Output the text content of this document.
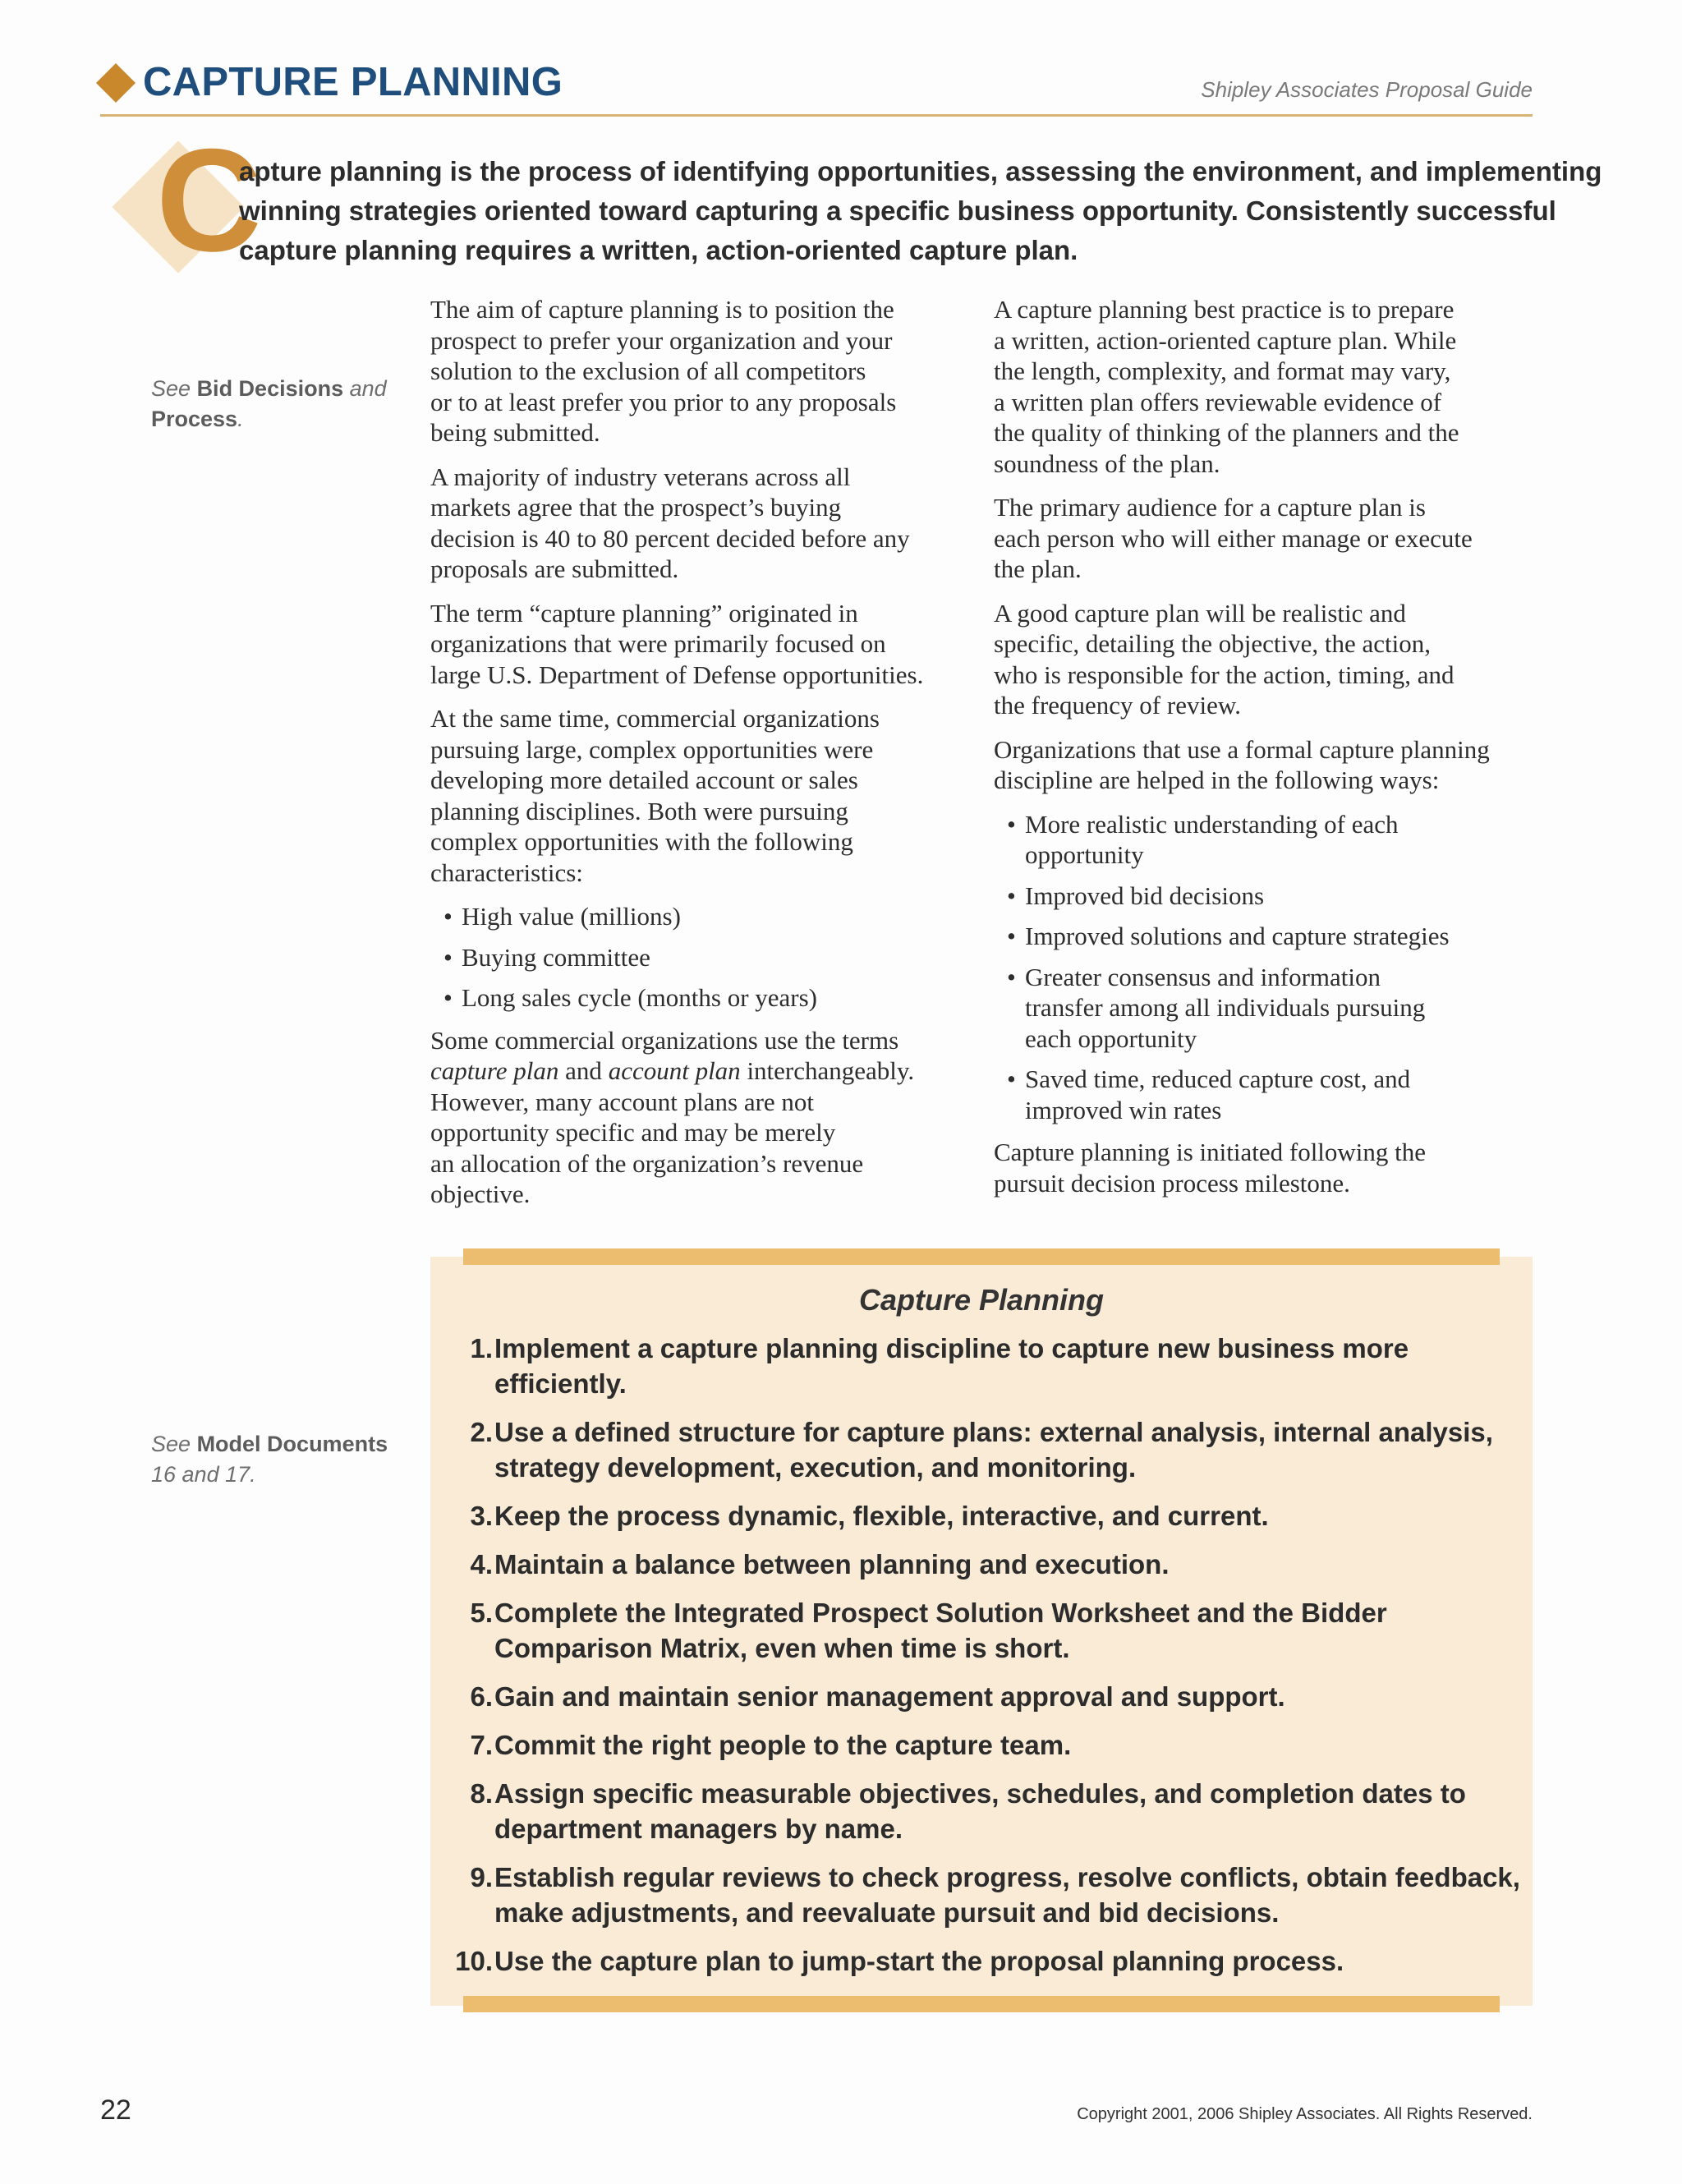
CAPTURE PLANNING	Shipley Associates Proposal Guide
C

apture planning is the process of identifying opportunities, assessing the environment, and implementing

winning strategies oriented toward capturing a specific business opportunity. Consistently successful

capture planning requires a written, action-oriented capture plan.

See Bid Decisions and
Process.
See Model Documents
16 and 17.

The aim of capture planning is to position the
prospect to prefer your organization and your
solution to the exclusion of all competitors
or to at least prefer you prior to any proposals
being submitted.

A majority of industry veterans across all
markets agree that the prospect’s buying
decision is 40 to 80 percent decided before any
proposals are submitted.

The term “capture planning” originated in
organizations that were primarily focused on
large U.S. Department of Defense opportunities.

At the same time, commercial organizations
pursuing large, complex opportunities were
developing more detailed account or sales
planning disciplines. Both were pursuing
complex opportunities with the following
characteristics:

• High value (millions)
• Buying committee
• Long sales cycle (months or years)

Some commercial organizations use the terms
capture plan and account plan interchangeably.
However, many account plans are not
opportunity specific and may be merely
an allocation of the organization’s revenue
objective.

A capture planning best practice is to prepare
a written, action-oriented capture plan. While
the length, complexity, and format may vary,
a written plan offers reviewable evidence of
the quality of thinking of the planners and the
soundness of the plan.

The primary audience for a capture plan is
each person who will either manage or execute
the plan.

A good capture plan will be realistic and
specific, detailing the objective, the action,
who is responsible for the action, timing, and
the frequency of review.

Organizations that use a formal capture planning
discipline are helped in the following ways:

• More realistic understanding of each
opportunity
• Improved bid decisions
• Improved solutions and capture strategies
• Greater consensus and information
transfer among all individuals pursuing
each opportunity
• Saved time, reduced capture cost, and
improved win rates

Capture planning is initiated following the
pursuit decision process milestone.

Capture Planning
1. Implement a capture planning discipline to capture new business more
efficiently.
2. Use a defined structure for capture plans: external analysis, internal analysis,
strategy development, execution, and monitoring.
3. Keep the process dynamic, flexible, interactive, and current.
4. Maintain a balance between planning and execution.
5. Complete the Integrated Prospect Solution Worksheet and the Bidder
Comparison Matrix, even when time is short.
6. Gain and maintain senior management approval and support.
7. Commit the right people to the capture team.
8. Assign specific measurable objectives, schedules, and completion dates to
department managers by name.
9. Establish regular reviews to check progress, resolve conflicts, obtain feedback,
make adjustments, and reevaluate pursuit and bid decisions.
10. Use the capture plan to jump-start the proposal planning process.
22	Copyright 2001, 2006 Shipley Associates. All Rights Reserved.
